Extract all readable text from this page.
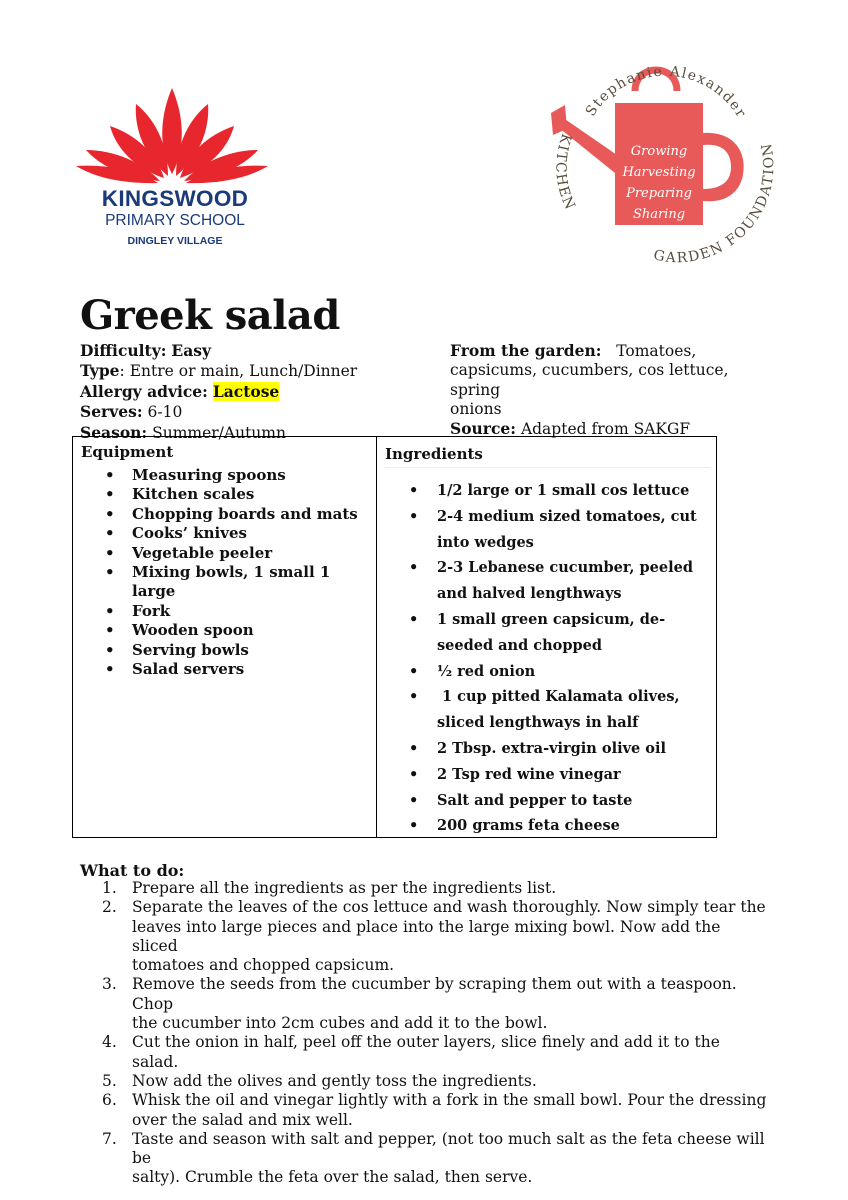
KINGSWOOD
PRIMARY SCHOOL
DINGLEY VILLAGE
Growing
Harvesting
Preparing
Sharing
Stephanie Alexander
KITCHEN
GARDEN FOUNDATION
Greek salad
Difficulty: Easy
Type: Entre or main, Lunch/Dinner
Allergy advice: Lactose
Serves: 6-10
Season: Summer/Autumn
From the garden: Tomatoes,
capsicums, cucumbers, cos lettuce, spring
onions
Source: Adapted from SAKGF

Equipment

• Measuring spoons
• Kitchen scales
• Chopping boards and mats
• Cooks’ knives
• Vegetable peeler
• Mixing bowls, 1 small 1 large
• Fork
• Wooden spoon
• Serving bowls
• Salad servers

Ingredients

• 1/2 large or 1 small cos lettuce
• 2-4 medium sized tomatoes, cut
into wedges
• 2-3 Lebanese cucumber, peeled
and halved lengthways
• 1 small green capsicum, de-
seeded and chopped
• ½ red onion
•  1 cup pitted Kalamata olives,
sliced lengthways in half
• 2 Tbsp. extra-virgin olive oil
• 2 Tsp red wine vinegar
• Salt and pepper to taste
• 200 grams feta cheese
What to do:
1. Prepare all the ingredients as per the ingredients list.
2. Separate the leaves of the cos lettuce and wash thoroughly. Now simply tear the
leaves into large pieces and place into the large mixing bowl. Now add the sliced
tomatoes and chopped capsicum.
3. Remove the seeds from the cucumber by scraping them out with a teaspoon. Chop
the cucumber into 2cm cubes and add it to the bowl.
4. Cut the onion in half, peel off the outer layers, slice finely and add it to the salad.
5. Now add the olives and gently toss the ingredients.
6. Whisk the oil and vinegar lightly with a fork in the small bowl. Pour the dressing
over the salad and mix well.
7. Taste and season with salt and pepper, (not too much salt as the feta cheese will be
salty). Crumble the feta over the salad, then serve.
